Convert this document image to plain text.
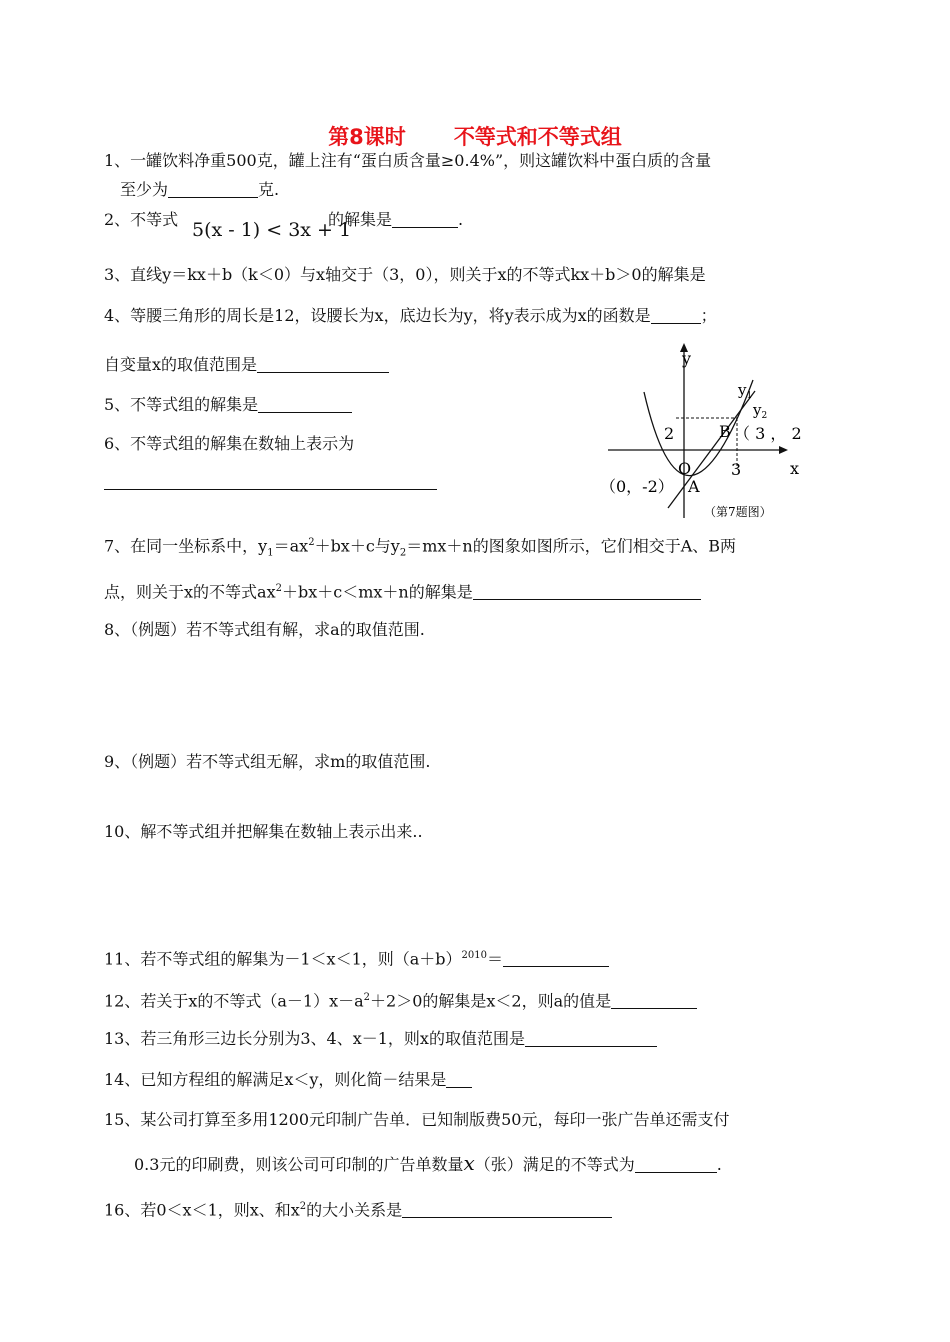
第8课时 不等式和不等式组
1、一罐饮料净重500克，罐上注有“蛋白质含量≥0.4%”，则这罐饮料中蛋白质的含量
至少为	克.
2、不等式 5(x - 1) < 3x + 1
的解集是	.
3、直线y＝kx＋b（k＜0）与x轴交于（3，0），则关于x的不等式kx＋b＞0的解集是
4、等腰三角形的周长是12，设腰长为x，底边长为y，将y表示成为x的函数是	；
自变量x的取值范围是
5、不等式组的解集是
6、不等式组的解集在数轴上表示为
y
x
$y_1$
$y_2$
2	B （ 3 ， 2
O 3
（0，-2） A
（第7题图）
7、在同一坐标系中，$y_1=ax^2+bx+c$与$y_2=mx+n$的图象如图所示，它们相交于A、B两
点，则关于x的不等式$ax^2+bx+c<mx+n$的解集是
8、（例题）若不等式组有解，求a的取值范围.
9、（例题）若不等式组无解，求m的取值范围.
10、解不等式组并把解集在数轴上表示出来..
11、若不等式组的解集为－1＜x＜1，则$(a+b)^{2010}=$
12、若关于x的不等式$(a-1)x-a^2+2>0$的解集是x＜2，则a的值是
13、若三角形三边长分别为3、4、x－1，则x的取值范围是
14、已知方程组的解满足x＜y，则化简－结果是
15、某公司打算至多用1200元印制广告单．已知制版费50元，每印一张广告单还需支付
0.3元的印刷费，则该公司可印制的广告单数量x（张）满足的不等式为	.
16、若0＜x＜1，则x、和$x^2$的大小关系是
